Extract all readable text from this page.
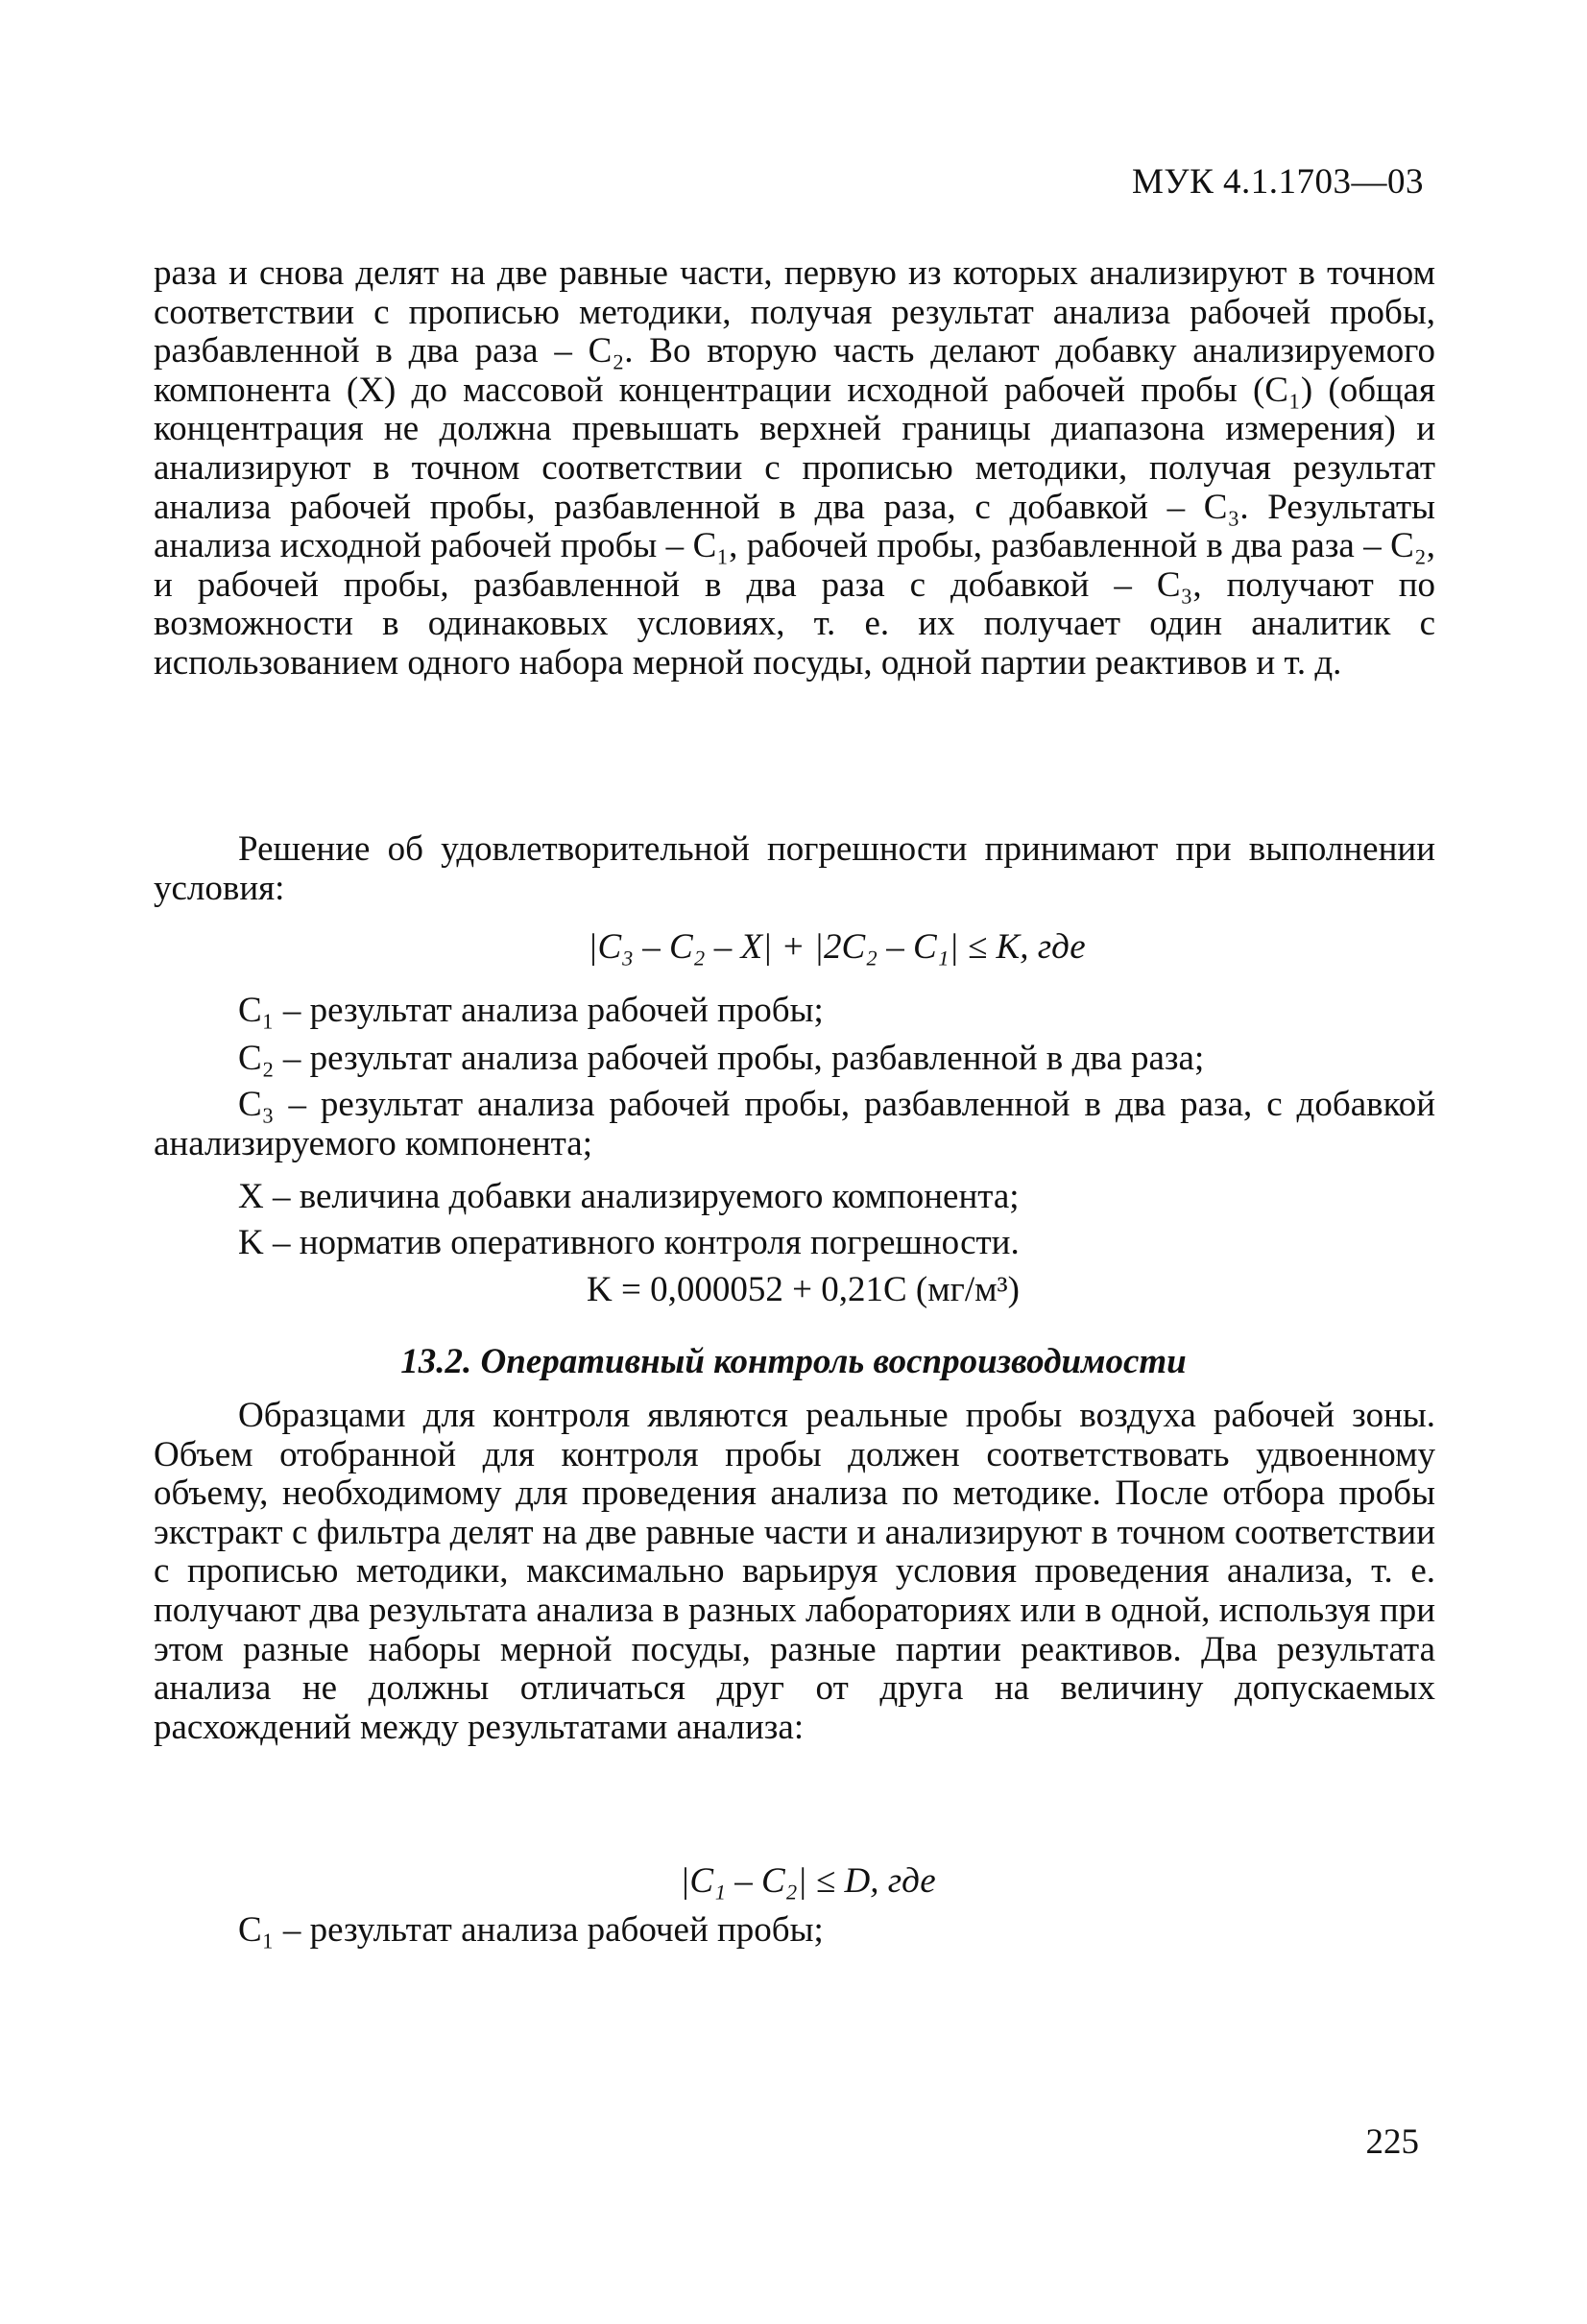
МУК 4.1.1703—03
раза и снова делят на две равные части, первую из которых анализируют в точном соответствии с прописью методики, получая результат анализа рабочей пробы, разбавленной в два раза – C₂. Во вторую часть делают добавку анализируемого компонента (X) до массовой концентрации исходной рабочей пробы (C₁) (общая концентрация не должна превышать верхней границы диапазона измерения) и анализируют в точном соответствии с прописью методики, получая результат анализа рабочей пробы, разбавленной в два раза, с добавкой – C₃. Результаты анализа исходной рабочей пробы – C₁, рабочей пробы, разбавленной в два раза – C₂, и рабочей пробы, разбавленной в два раза с добавкой – C₃, получают по возможности в одинаковых условиях, т. е. их получает один аналитик с использованием одного набора мерной посуды, одной партии реактивов и т. д.
Решение об удовлетворительной погрешности принимают при выполнении условия:
|C₃ – C₂ – X| + |2C₂ – C₁| ≤ K, где
C₁ – результат анализа рабочей пробы;
C₂ – результат анализа рабочей пробы, разбавленной в два раза;
C₃ – результат анализа рабочей пробы, разбавленной в два раза, с добавкой анализируемого компонента;
X – величина добавки анализируемого компонента;
K – норматив оперативного контроля погрешности.
K = 0,000052 + 0,21C (мг/м³)
13.2. Оперативный контроль воспроизводимости
Образцами для контроля являются реальные пробы воздуха рабочей зоны. Объем отобранной для контроля пробы должен соответствовать удвоенному объему, необходимому для проведения анализа по методике. После отбора пробы экстракт с фильтра делят на две равные части и анализируют в точном соответствии с прописью методики, максимально варьируя условия проведения анализа, т. е. получают два результата анализа в разных лабораториях или в одной, используя при этом разные наборы мерной посуды, разные партии реактивов. Два результата анализа не должны отличаться друг от друга на величину допускаемых расхождений между результатами анализа:
|C₁ – C₂| ≤ D, где
C₁ – результат анализа рабочей пробы;
225
